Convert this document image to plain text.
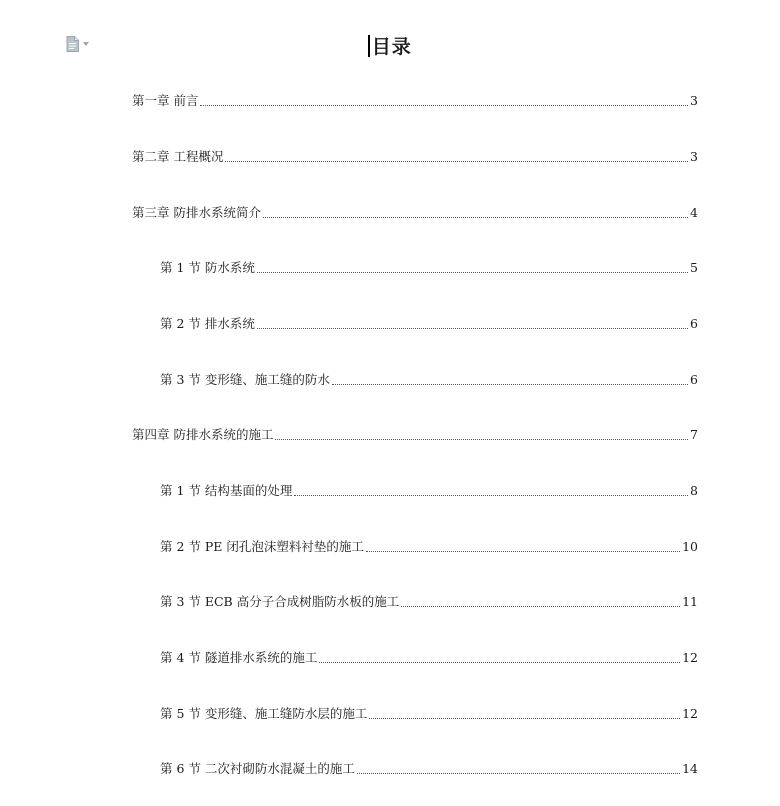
目录
第一章 前言	3
第二章 工程概况	3
第三章 防排水系统简介	4
第 1 节 防水系统	5
第 2 节 排水系统	6
第 3 节 变形缝、施工缝的防水	6
第四章 防排水系统的施工	7
第 1 节 结构基面的处理	8
第 2 节 PE 闭孔泡沫塑料衬垫的施工	10
第 3 节 ECB 高分子合成树脂防水板的施工	11
第 4 节 隧道排水系统的施工	12
第 5 节 变形缝、施工缝防水层的施工	12
第 6 节 二次衬砌防水混凝土的施工	14
